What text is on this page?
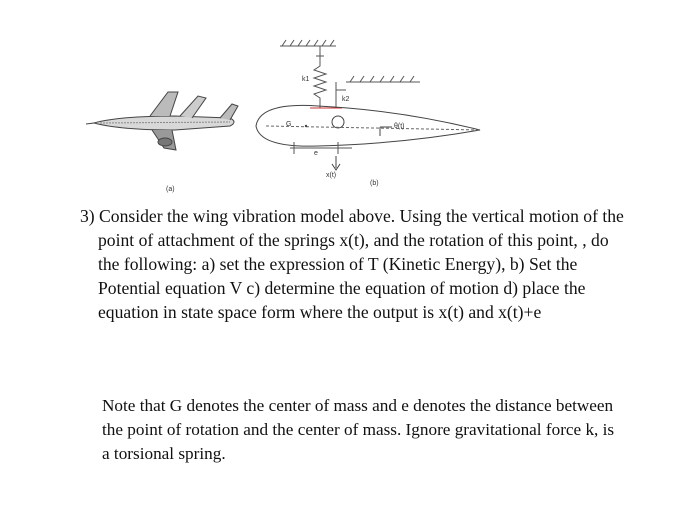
G
k1
k2
θ(t)
x(t)
e
(a)
(b)

3) Consider the wing vibration model above. Using the vertical motion of the point of attachment of the springs x(t), and the rotation of this point, , do the following: a) set the expression of T (Kinetic Energy), b) Set the Potential equation V c) determine the equation of motion d) place the equation in state space form where the output is x(t) and x(t)+e

Note that G denotes the center of mass and e denotes the distance between the point of rotation and the center of mass. Ignore gravitational force k, is a torsional spring.
